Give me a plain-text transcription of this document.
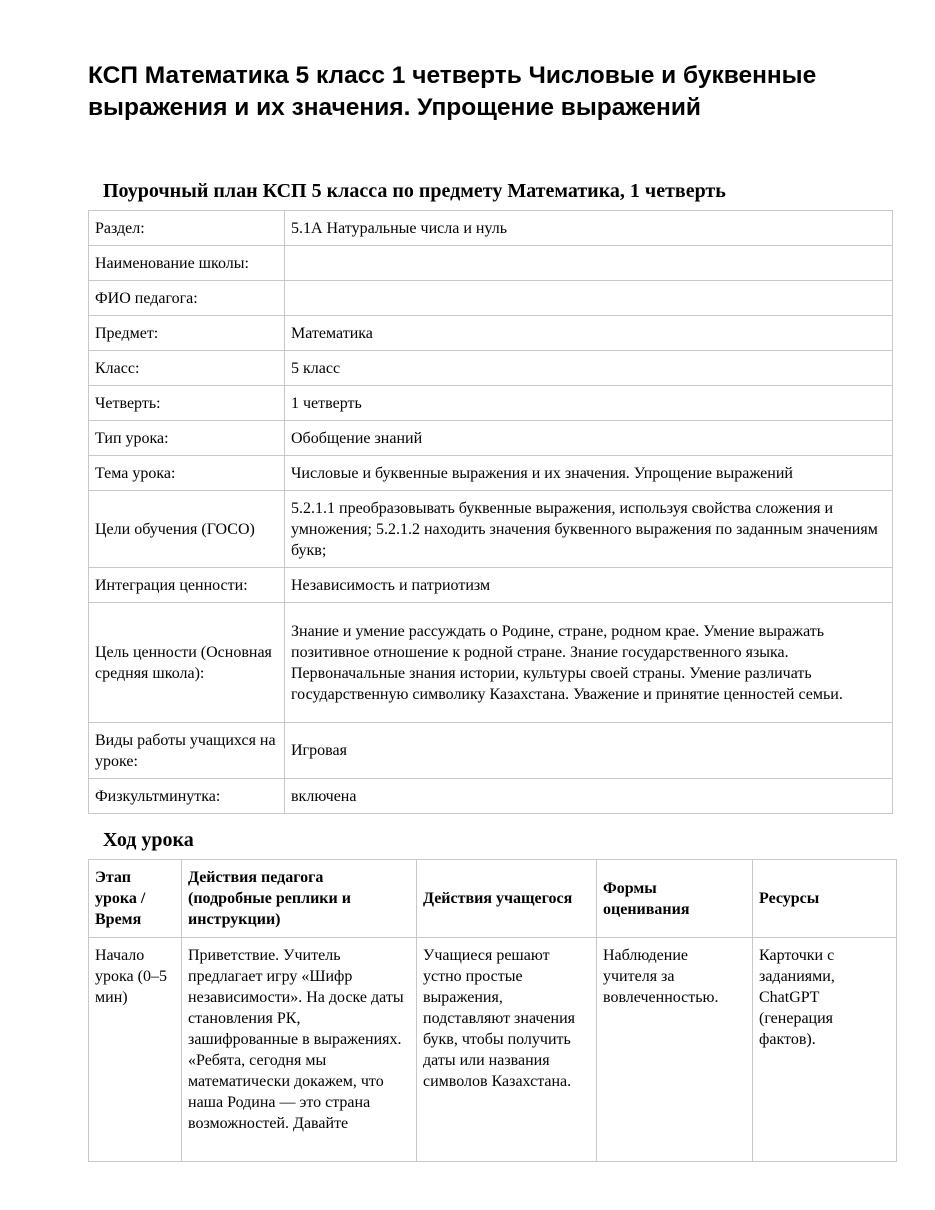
КСП Математика 5 класс 1 четверть Числовые и буквенные выражения и их значения. Упрощение выражений
Поурочный план КСП 5 класса по предмету Математика, 1 четверть
Раздел:	5.1А Натуральные числа и нуль
Наименование школы:	
ФИО педагога:	
Предмет:	Математика
Класс:	5 класс
Четверть:	1 четверть
Тип урока:	Обобщение знаний
Тема урока:	Числовые и буквенные выражения и их значения. Упрощение выражений
Цели обучения (ГОСО)	5.2.1.1 преобразовывать буквенные выражения, используя свойства сложения и умножения; 5.2.1.2 находить значения буквенного выражения по заданным значениям букв;
Интеграция ценности:	Независимость и патриотизм
Цель ценности (Основная средняя школа):	Знание и умение рассуждать о Родине, стране, родном крае. Умение выражать позитивное отношение к родной стране. Знание государственного языка. Первоначальные знания истории, культуры своей страны. Умение различать государственную символику Казахстана. Уважение и принятие ценностей семьи.
Виды работы учащихся на уроке:	Игровая
Физкультминутка:	включена
Ход урока
Этап урока / Время	Действия педагога (подробные реплики и инструкции)	Действия учащегося	Формы оценивания	Ресурсы
Начало урока (0–5 мин)	Приветствие. Учитель предлагает игру «Шифр независимости». На доске даты становления РК, зашифрованные в выражениях. «Ребята, сегодня мы математически докажем, что наша Родина — это страна возможностей. Давайте	Учащиеся решают устно простые выражения, подставляют значения букв, чтобы получить даты или названия символов Казахстана.	Наблюдение учителя за вовлеченностью.	Карточки с заданиями, ChatGPT (генерация фактов).
